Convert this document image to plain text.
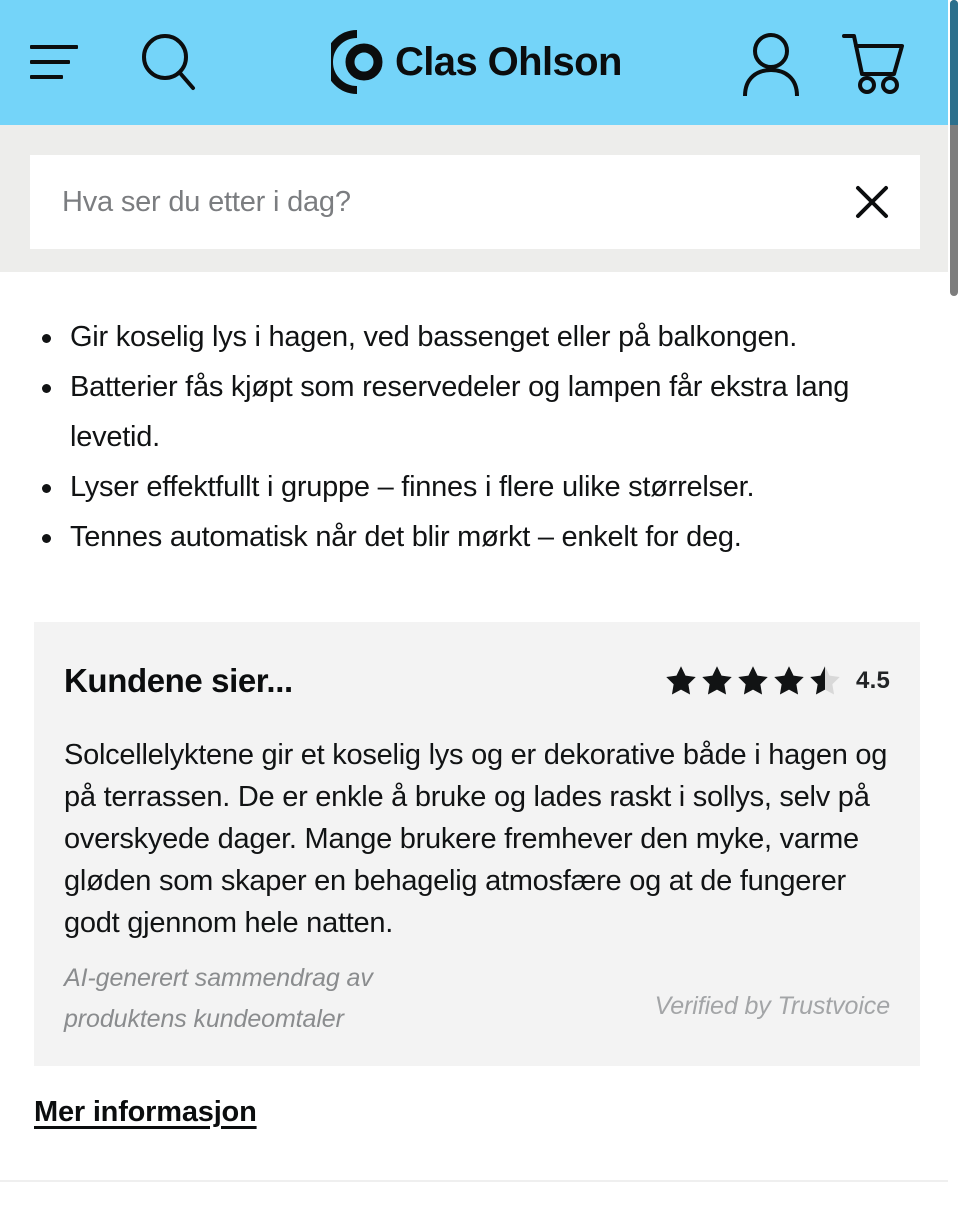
Clas Ohlson
Hva ser du etter i dag?
Gir koselig lys i hagen, ved bassenget eller på balkongen.
Batterier fås kjøpt som reservedeler og lampen får ekstra lang levetid.
Lyser effektfullt i gruppe – finnes i flere ulike størrelser.
Tennes automatisk når det blir mørkt – enkelt for deg.
Kundene sier...	4.5

Solcellelyktene gir et koselig lys og er dekorative både i hagen og på terrassen. De er enkle å bruke og lades raskt i sollys, selv på overskyede dager. Mange brukere fremhever den myke, varme gløden som skaper en behagelig atmosfære og at de fungerer godt gjennom hele natten.

AI-generert sammendrag av produktens kundeomtaler	Verified by Trustvoice
Mer informasjon
